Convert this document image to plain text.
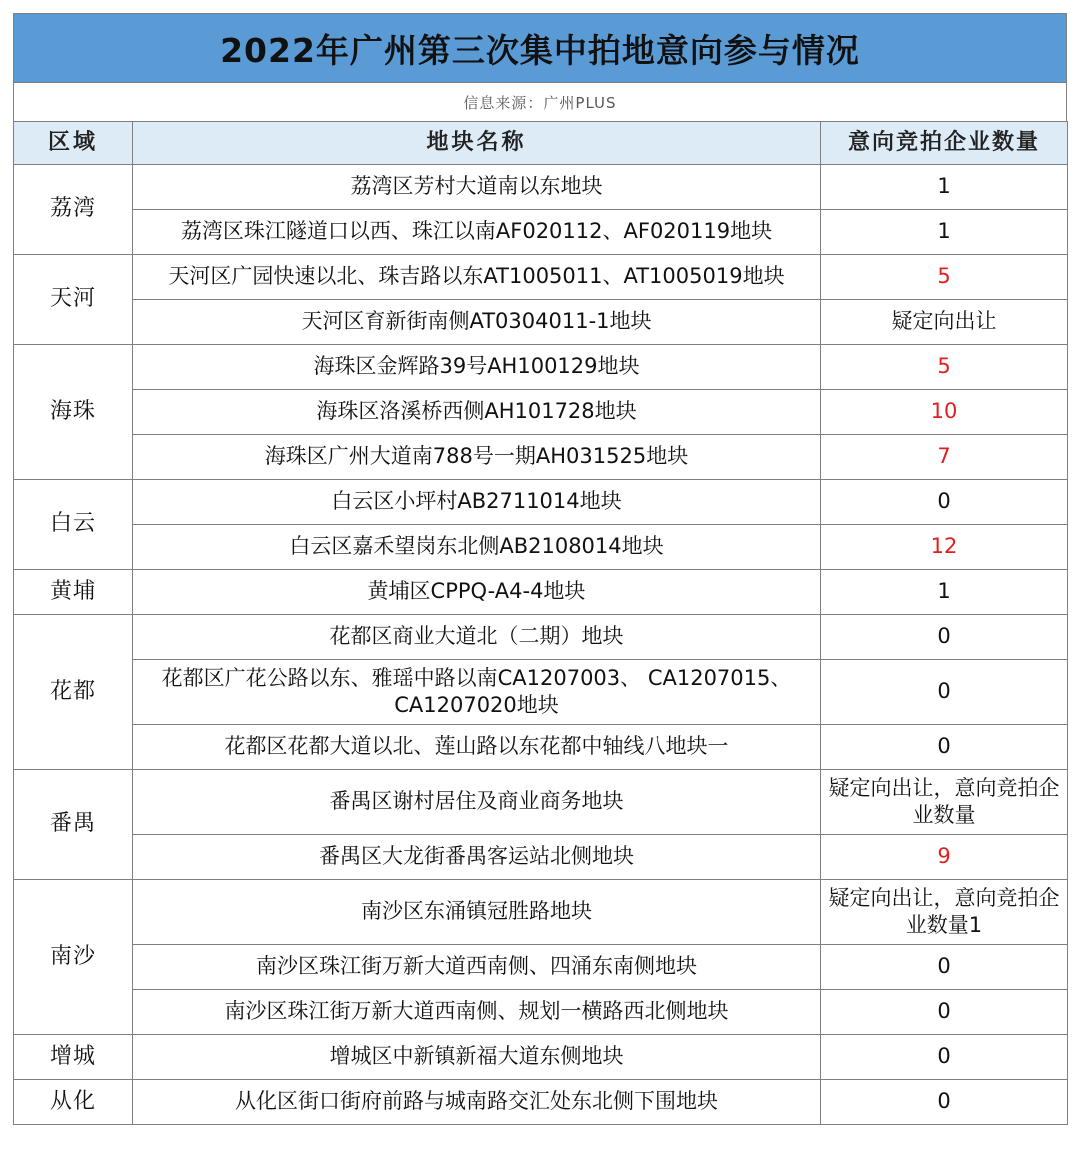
2022年广州第三次集中拍地意向参与情况
信息来源：广州PLUS
区域	地块名称	意向竞拍企业数量
荔湾	荔湾区芳村大道南以东地块	1
	荔湾区珠江隧道口以西、珠江以南AF020112、AF020119地块	1
天河	天河区广园快速以北、珠吉路以东AT1005011、AT1005019地块	5
	天河区育新街南侧AT0304011-1地块	疑定向出让
海珠	海珠区金辉路39号AH100129地块	5
	海珠区洛溪桥西侧AH101728地块	10
	海珠区广州大道南788号一期AH031525地块	7
白云	白云区小坪村AB2711014地块	0
	白云区嘉禾望岗东北侧AB2108014地块	12
黄埔	黄埔区CPPQ-A4-4地块	1
花都	花都区商业大道北（二期）地块	0
	花都区广花公路以东、雅瑶中路以南CA1207003、 CA1207015、CA1207020地块	0
	花都区花都大道以北、莲山路以东花都中轴线八地块一	0
番禺	番禺区谢村居住及商业商务地块	疑定向出让，意向竞拍企业数量
	番禺区大龙街番禺客运站北侧地块	9
南沙	南沙区东涌镇冠胜路地块	疑定向出让，意向竞拍企业数量1
	南沙区珠江街万新大道西南侧、四涌东南侧地块	0
	南沙区珠江街万新大道西南侧、规划一横路西北侧地块	0
增城	增城区中新镇新福大道东侧地块	0
从化	从化区街口街府前路与城南路交汇处东北侧下围地块	0
